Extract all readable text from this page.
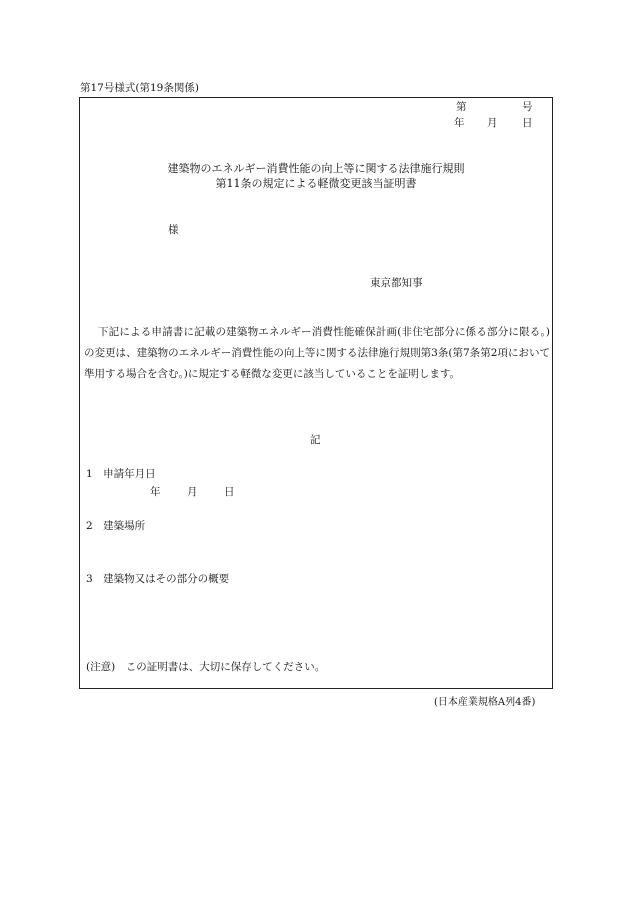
第17号様式(第19条関係)
第	号
年 月 日
建築物のエネルギー消費性能の向上等に関する法律施行規則
第11条の規定による軽微変更該当証明書
様
東京都知事
下記による申請書に記載の建築物エネルギー消費性能確保計画(非住宅部分に係る部分に限る。)の変更は、建築物のエネルギー消費性能の向上等に関する法律施行規則第3条(第7条第2項において準用する場合を含む。)に規定する軽微な変更に該当していることを証明します。
記
1　申請年月日
年	月	日
2　建築場所
3　建築物又はその部分の概要
(注意)　この証明書は、大切に保存してください。
(日本産業規格A列4番)
